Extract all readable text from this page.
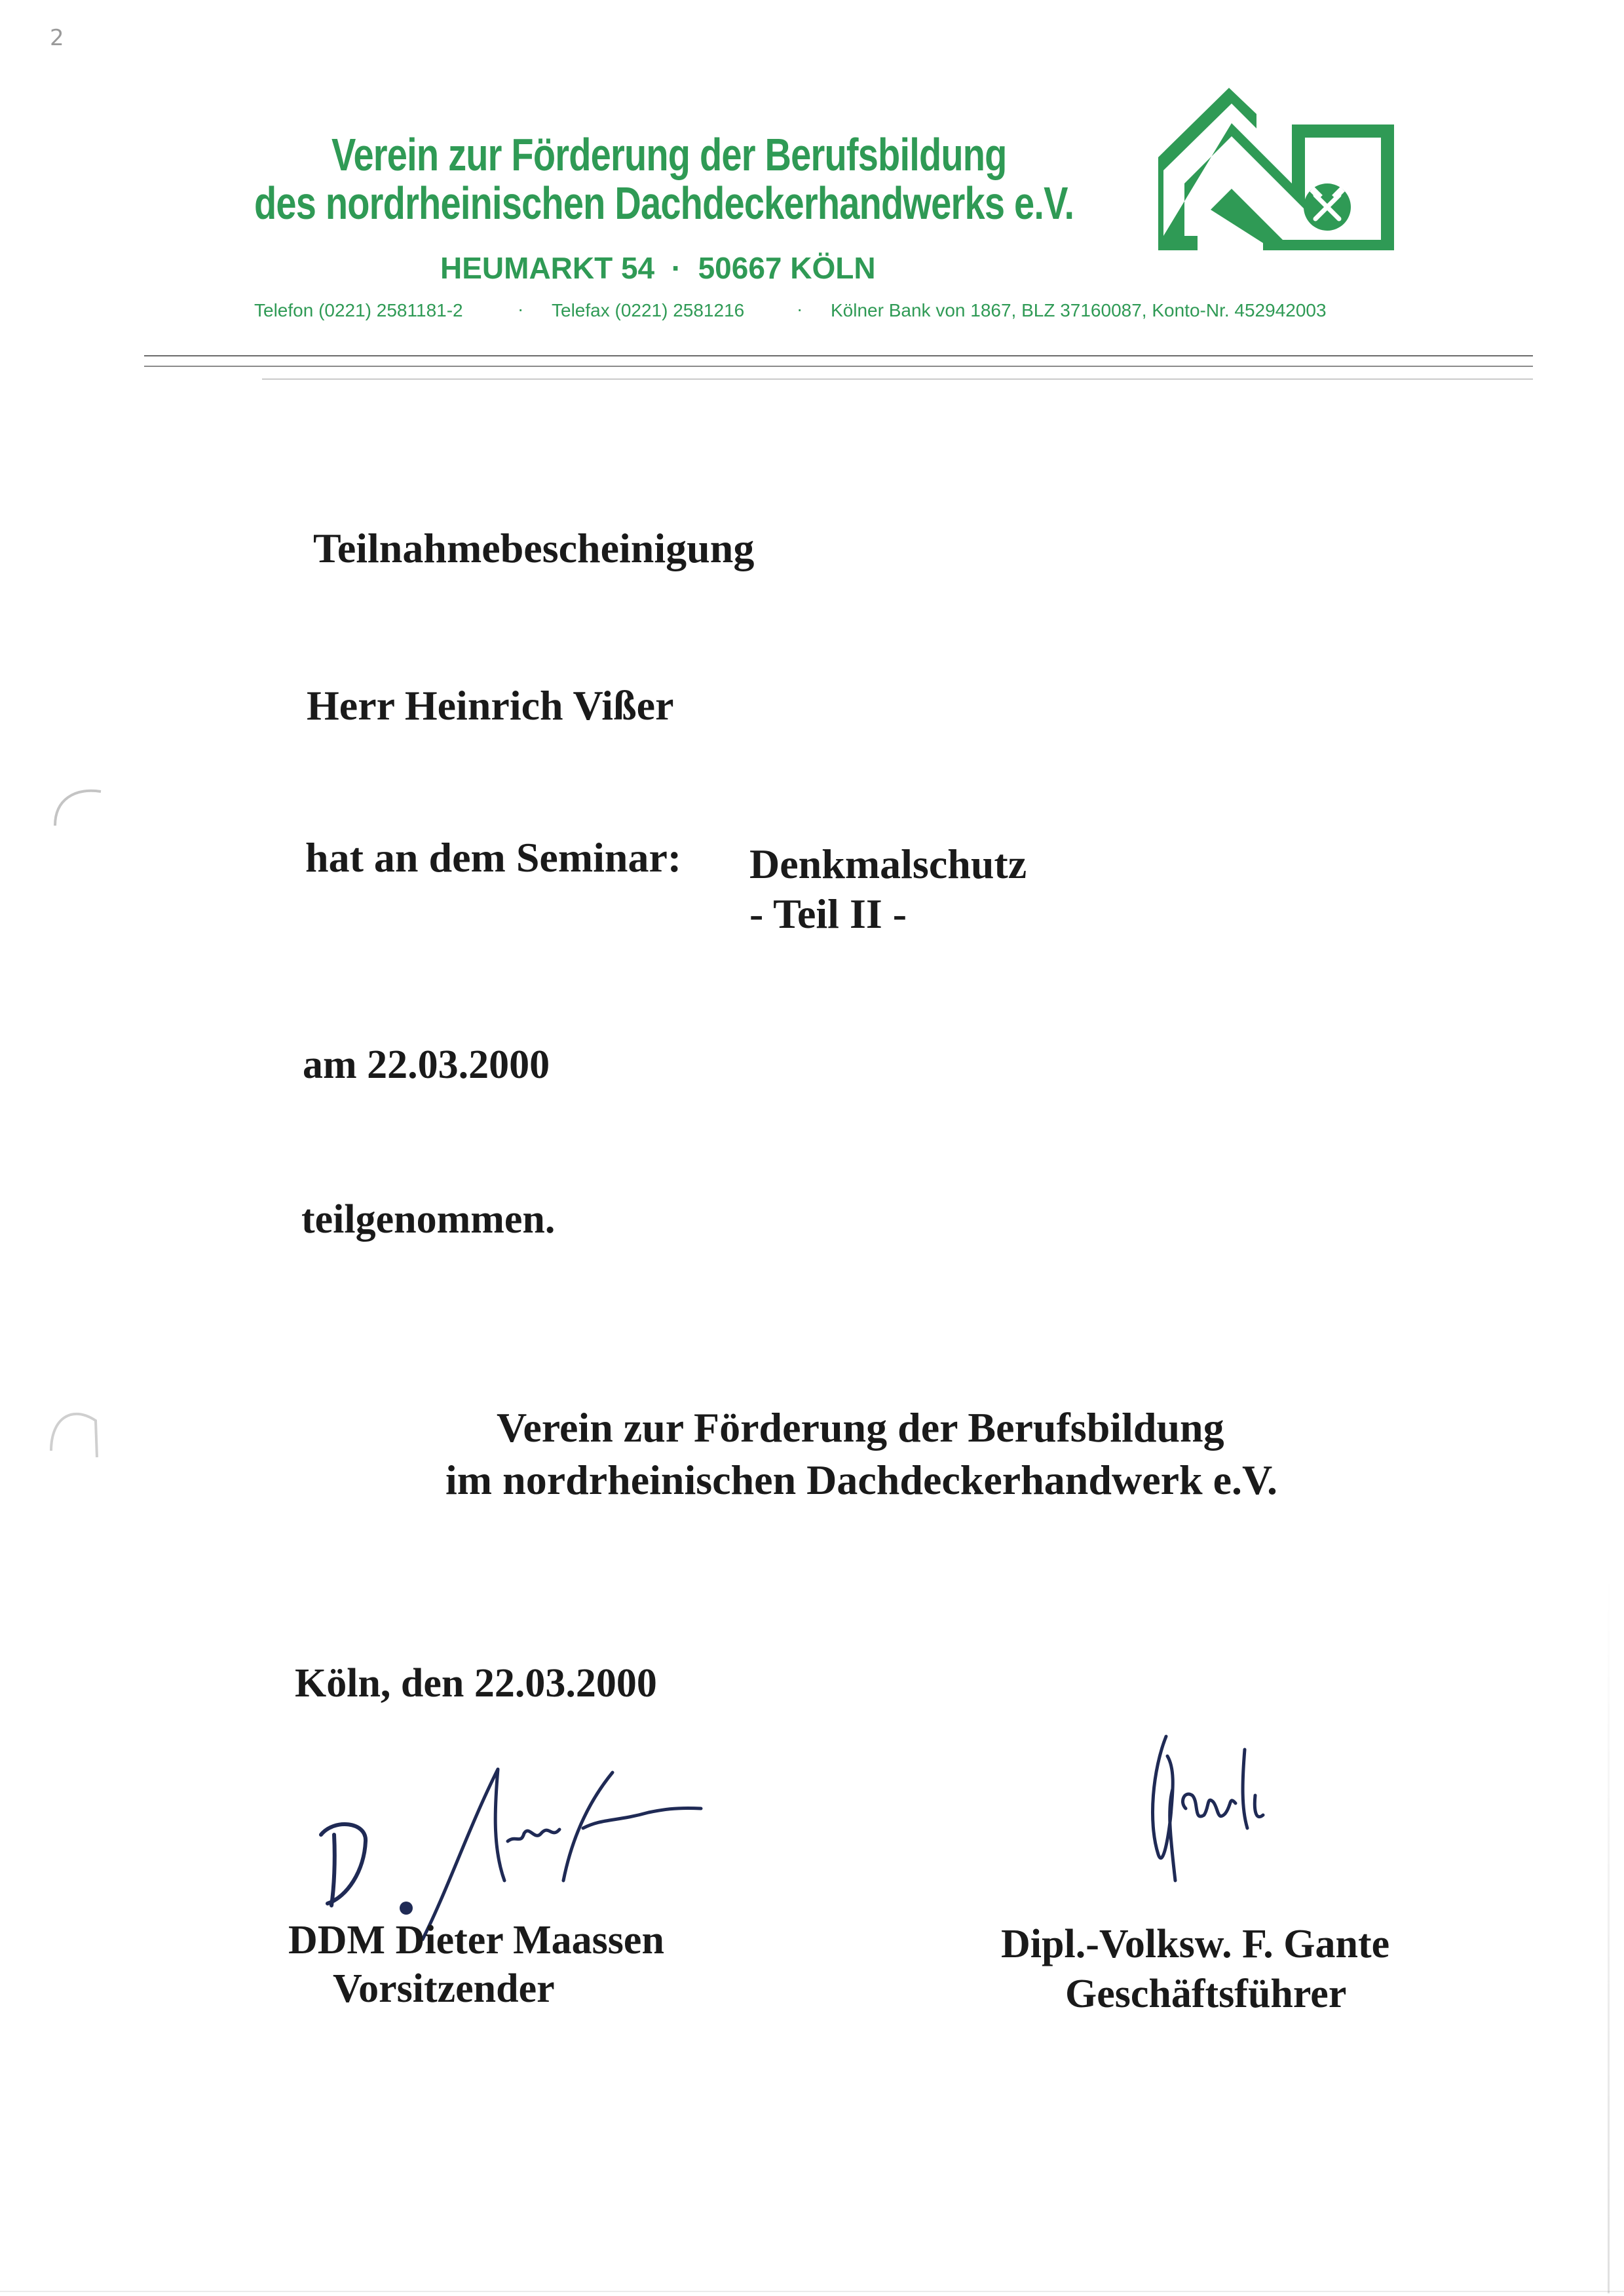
2
Verein zur Förderung der Berufsbildung
des nordrheinischen Dachdeckerhandwerks e.V.
HEUMARKT 54  ·  50667 KÖLN
Telefon (0221) 2581181-2	· Telefax (0221) 2581216	· Kölner Bank von 1867, BLZ 37160087, Konto-Nr. 452942003
Teilnahmebescheinigung
Herr Heinrich Vißer
hat an dem Seminar: Denkmalschutz
- Teil II -
am 22.03.2000
teilgenommen.
Verein zur Förderung der Berufsbildung
im nordrheinischen Dachdeckerhandwerk e.V.
Köln, den 22.03.2000
DDM Dieter Maassen
Vorsitzender
Dipl.-Volksw. F. Gante
Geschäftsführer
